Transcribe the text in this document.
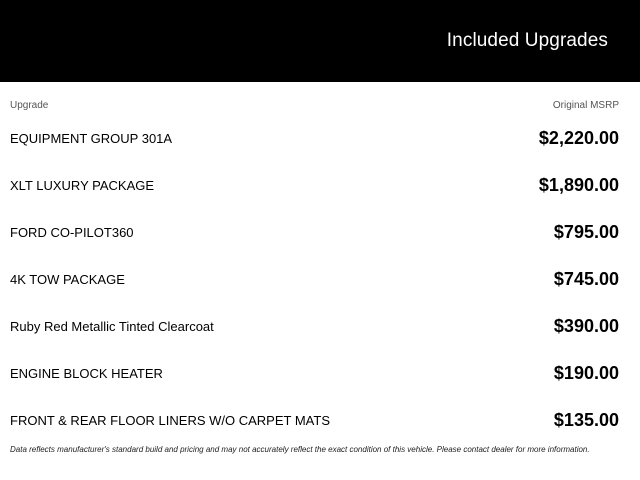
Included Upgrades
Upgrade	Original MSRP
EQUIPMENT GROUP 301A	$2,220.00
XLT LUXURY PACKAGE	$1,890.00
FORD CO-PILOT360	$795.00
4K TOW PACKAGE	$745.00
Ruby Red Metallic Tinted Clearcoat	$390.00
ENGINE BLOCK HEATER	$190.00
FRONT & REAR FLOOR LINERS W/O CARPET MATS	$135.00

Data reflects manufacturer's standard build and pricing and may not accurately reflect the exact condition of this vehicle. Please contact dealer for more information.
